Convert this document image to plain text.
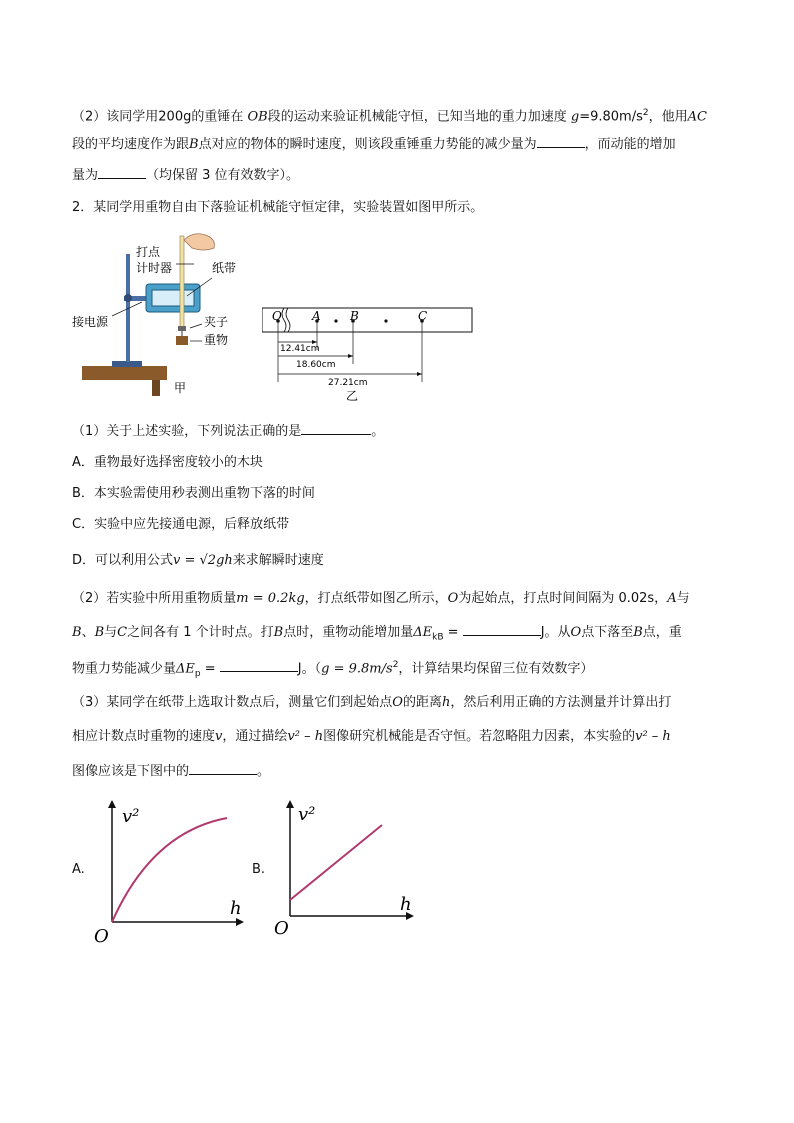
（2）该同学用200g的重锤在 OB段的运动来验证机械能守恒，已知当地的重力加速度 $g=9.80m/s^2$，他用AC
段的平均速度作为跟B点对应的物体的瞬时速度，则该段重锤重力势能的减少量为	，而动能的增加
量为	（均保留 3 位有效数字）。
2．某同学用重物自由下落验证机械能守恒定律，实验装置如图甲所示。
打点
计时器	纸带
接电源	夹子
重物
甲
O	A B	C
12.41cm
18.60cm
27.21cm
乙
（1）关于上述实验，下列说法正确的是	。
A．重物最好选择密度较小的木块
B．本实验需使用秒表测出重物下落的时间
C．实验中应先接通电源，后释放纸带
D．可以利用公式v = √2gh来求解瞬时速度
（2）若实验中所用重物质量m = 0.2kg，打点纸带如图乙所示，O为起始点，打点时间间隔为 0.02s，A与
B、B与C之间各有 1 个计时点。打B点时，重物动能增加量$\Delta E_{kB}$ =	J。从O点下落至B点，重
物重力势能减少量$\Delta E_p$ =	J。（$g = 9.8m/s^2$，计算结果均保留三位有效数字）
（3）某同学在纸带上选取计数点后，测量它们到起始点O的距离h，然后利用正确的方法测量并计算出打
相应计数点时重物的速度v，通过描绘v² – h图像研究机械能是否守恒。若忽略阻力因素，本实验的v² – h
图像应该是下图中的	。
A.
v²
h
O
B.
v²
h
O
